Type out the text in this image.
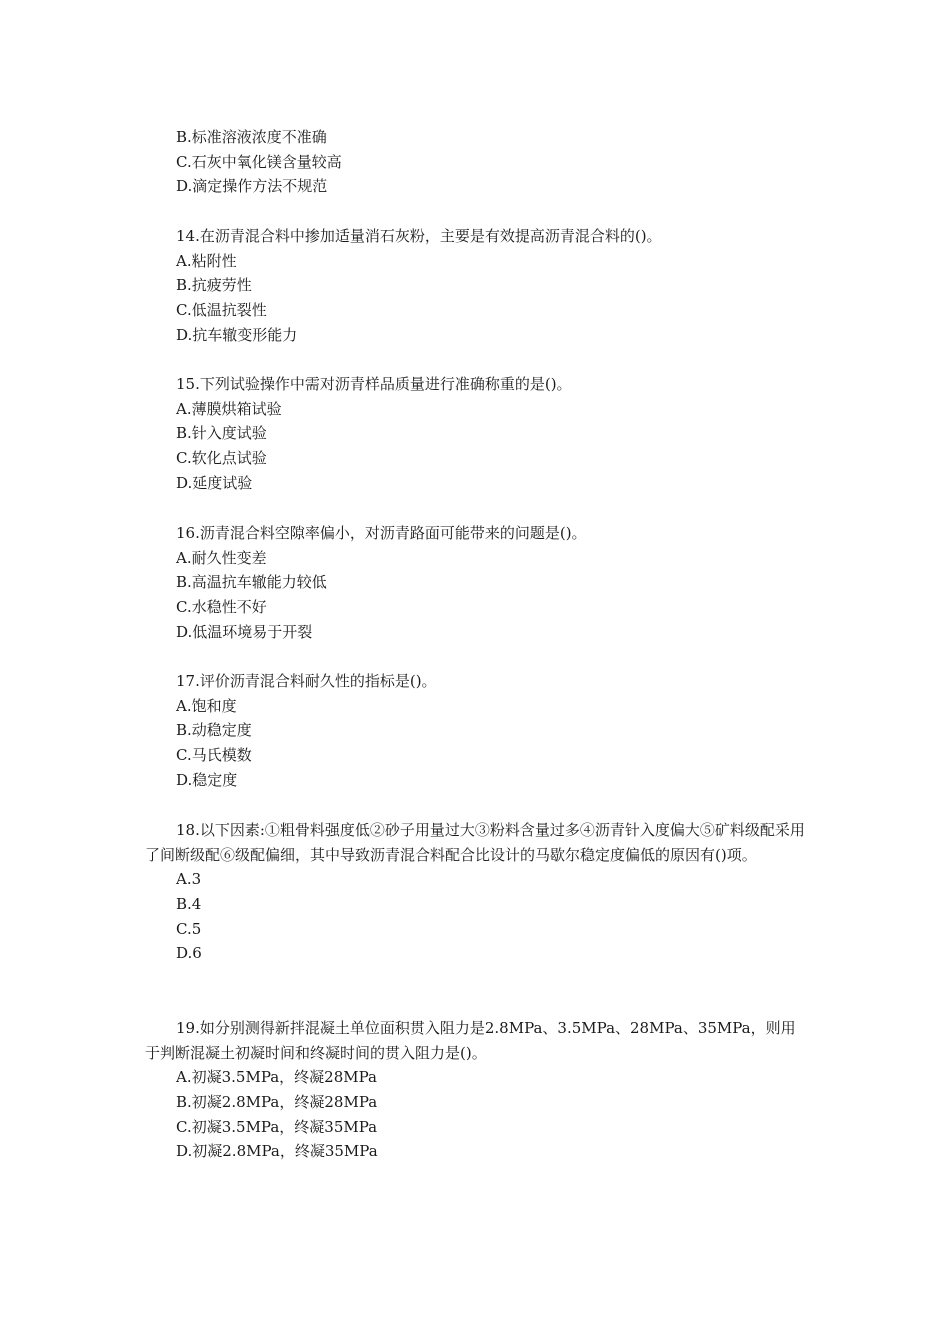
B.标准溶液浓度不准确
C.石灰中氧化镁含量较高
D.滴定操作方法不规范
14.在沥青混合料中掺加适量消石灰粉，主要是有效提高沥青混合料的()。
A.粘附性
B.抗疲劳性
C.低温抗裂性
D.抗车辙变形能力
15.下列试验操作中需对沥青样品质量进行准确称重的是()。
A.薄膜烘箱试验
B.针入度试验
C.软化点试验
D.延度试验
16.沥青混合料空隙率偏小，对沥青路面可能带来的问题是()。
A.耐久性变差
B.高温抗车辙能力较低
C.水稳性不好
D.低温环境易于开裂
17.评价沥青混合料耐久性的指标是()。
A.饱和度
B.动稳定度
C.马氏模数
D.稳定度
18.以下因素:①粗骨料强度低②砂子用量过大③粉料含量过多④沥青针入度偏大⑤矿料级配采用了间断级配⑥级配偏细，其中导致沥青混合料配合比设计的马歇尔稳定度偏低的原因有()项。
A.3
B.4
C.5
D.6
19.如分别测得新拌混凝土单位面积贯入阻力是2.8MPa、3.5MPa、28MPa、35MPa，则用于判断混凝土初凝时间和终凝时间的贯入阻力是()。
A.初凝3.5MPa，终凝28MPa
B.初凝2.8MPa，终凝28MPa
C.初凝3.5MPa，终凝35MPa
D.初凝2.8MPa，终凝35MPa
